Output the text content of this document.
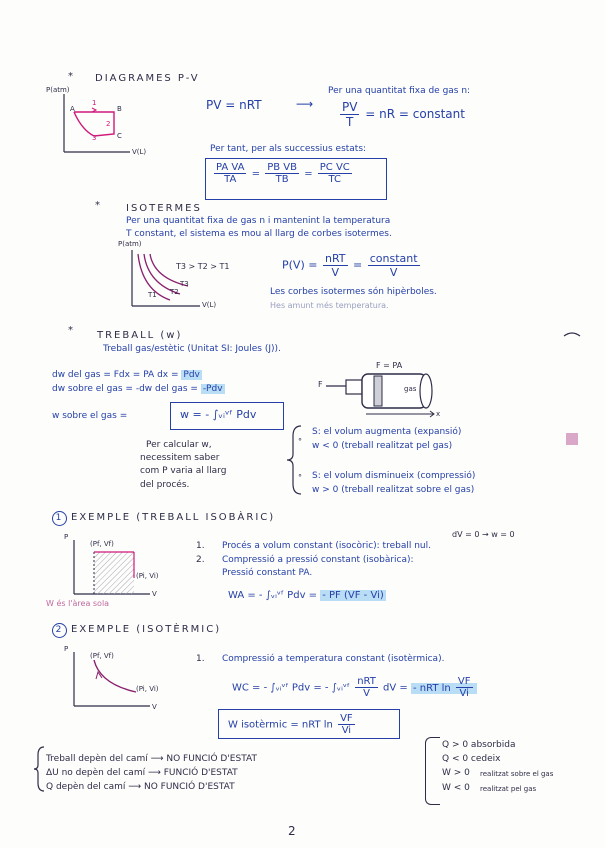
* DIAGRAMES P-V
P(atm)
V(L)
A	B
C
1
2
3
PV = nRT	⟶
Per una quantitat fixa de gas n:
$\frac{PV}{T}$ = nR = constant
Per tant, per als successius estats:
$\frac{\text{PA VA}}{TA} = \frac{\text{PB VB}}{TB} = \frac{\text{PC VC}}{TC}$
* ISOTERMES
Per una quantitat fixa de gas n i mantenint la temperatura
T constant, el sistema es mou al llarg de corbes isotermes.
P(atm)
V(L)
T1 T2
T3
T3 > T2 > T1	$P(V) = \frac{\text{nRT}}{V} = \frac{\text{constant}}{V}$
Les corbes isotermes són hipèrboles.
Hes amunt més temperatura.
* TREBALL (w)
Treball gas/estètic (Unitat SI: Joules (J)).
dw del gas = Fdx = PA dx = Pdv
dw sobre el gas = -dw del gas = -Pdv
w sobre el gas =	w = - ∫ᵥᵢᵛᶠ Pdv
F = PA
F	gas
x
Per calcular w,
necessitem saber
com P varia al llarg
del procés.
°
°
S: el volum augmenta (expansió)
w < 0 (treball realitzat pel gas)
S: el volum disminueix (compressió)
w > 0 (treball realitzat sobre el gas)
1 EXEMPLE (TREBALL ISOBÀRIC)
dV = 0 → w = 0
P
V
(Pf, Vf)
(Pi, Vi)
W és l'àrea sola
1. Procés a volum constant (isocòric): treball nul.
2. Compressió a pressió constant (isobàrica):
Pressió constant PA.
WA = - ∫ᵥᵢᵛᶠ Pdv = - PF (VF - Vi)
2 EXEMPLE (ISOTÈRMIC)
P
V
(Pf, Vf)
(Pi, Vi)
1. Compressió a temperatura constant (isotèrmica).
WC = - ∫ᵥᵢᵛᶠ Pdv = - ∫ᵥᵢᵛᶠ $\frac{\text{nRT}}{V}$ dV = - nRT $\ln \frac{VF}{Vi}$
W isotèrmic = nRT $\ln \frac{VF}{Vi}$
Treball depèn del camí ⟶ NO FUNCIÓ D'ESTAT
ΔU no depèn del camí ⟶ FUNCIÓ D'ESTAT
Q depèn del camí ⟶ NO FUNCIÓ D'ESTAT
Q > 0 absorbida
Q < 0 cedeix
W > 0 realitzat sobre el gas
W < 0 realitzat pel gas
2
